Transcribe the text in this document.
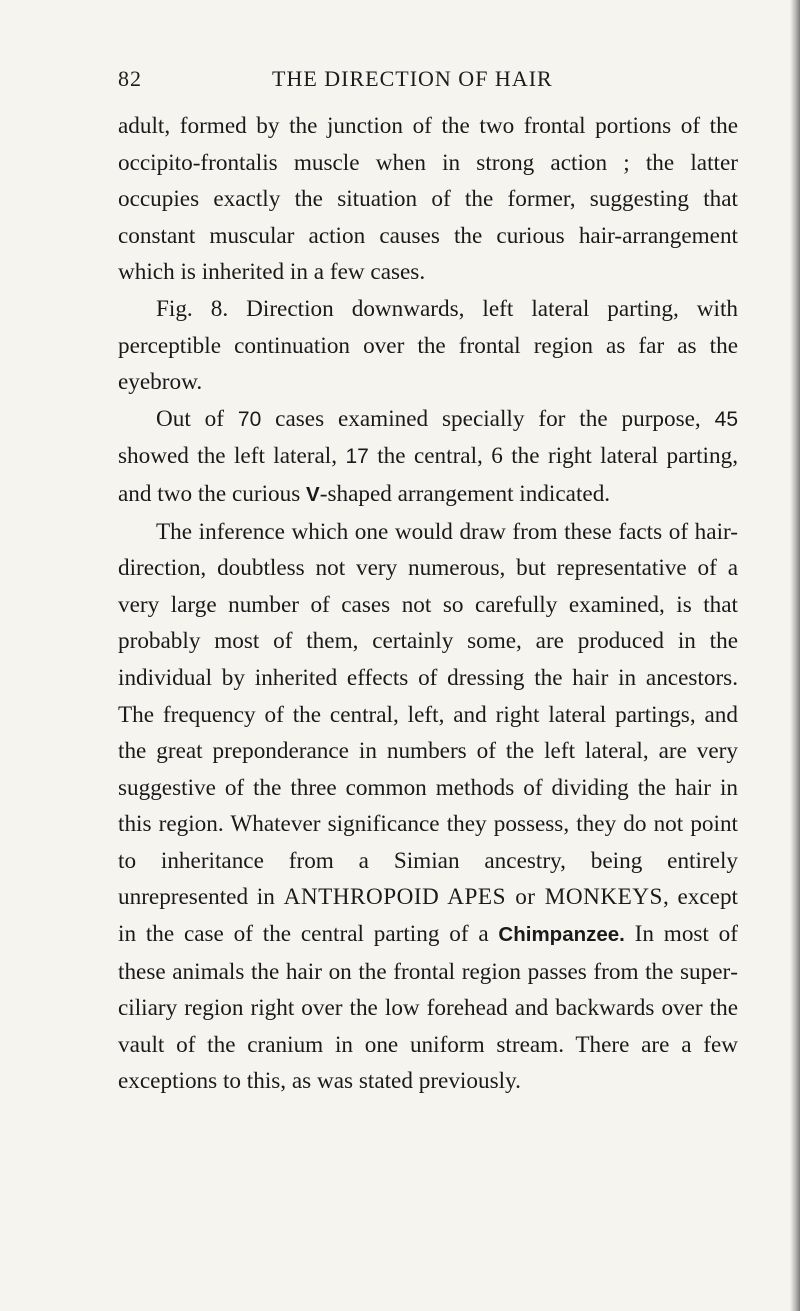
82	THE DIRECTION OF HAIR

adult, formed by the junction of the two frontal portions of the occipito-frontalis muscle when in strong action ; the latter occupies exactly the situation of the former, suggesting that constant muscular action causes the curious hair-arrangement which is inherited in a few cases.

Fig. 8. Direction downwards, left lateral parting, with perceptible continuation over the frontal region as far as the eyebrow.

Out of 70 cases examined specially for the purpose, 45 showed the left lateral, 17 the central, 6 the right lateral parting, and two the curious V-shaped arrangement indicated.

The inference which one would draw from these facts of hair-direction, doubtless not very numerous, but representative of a very large number of cases not so carefully examined, is that probably most of them, certainly some, are produced in the individual by inherited effects of dressing the hair in ancestors. The frequency of the central, left, and right lateral partings, and the great preponderance in numbers of the left lateral, are very suggestive of the three common methods of dividing the hair in this region. Whatever significance they possess, they do not point to inheritance from a Simian ancestry, being entirely unrepresented in ANTHROPOID APES or MONKEYS, except in the case of the central parting of a Chimpanzee. In most of these animals the hair on the frontal region passes from the superciliary region right over the low forehead and backwards over the vault of the cranium in one uniform stream. There are a few exceptions to this, as was stated previously.
